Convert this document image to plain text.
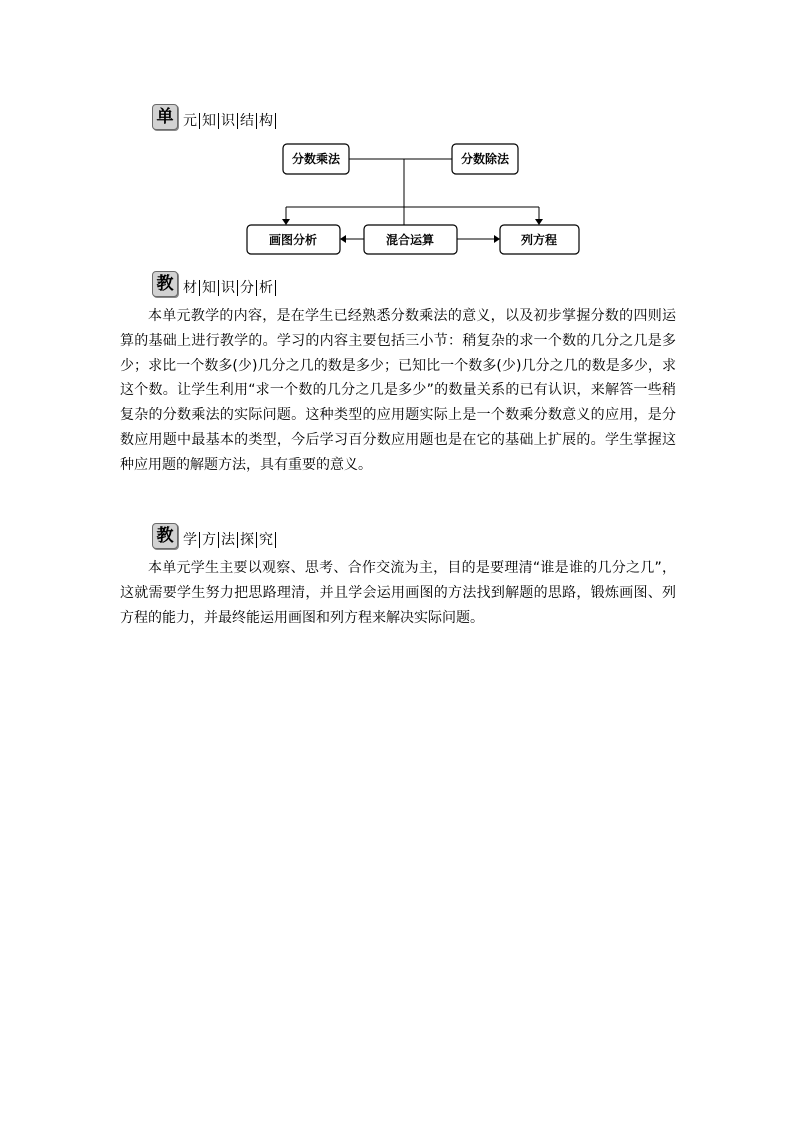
单 元 知 识 结 构
分数乘法	分数除法
画图分析	混合运算	列方程
教 材 知 识 分 析

本单元教学的内容，是在学生已经熟悉分数乘法的意义，以及初步掌握分数的四则运算的基础上进行教学的。学习的内容主要包括三小节：稍复杂的求一个数的几分之几是多少；求比一个数多(少)几分之几的数是多少；已知比一个数多(少)几分之几的数是多少，求这个数。让学生利用“求一个数的几分之几是多少”的数量关系的已有认识，来解答一些稍复杂的分数乘法的实际问题。这种类型的应用题实际上是一个数乘分数意义的应用，是分数应用题中最基本的类型，今后学习百分数应用题也是在它的基础上扩展的。学生掌握这种应用题的解题方法，具有重要的意义。

教 学 方 法 探 究

本单元学生主要以观察、思考、合作交流为主，目的是要理清“谁是谁的几分之几”，这就需要学生努力把思路理清，并且学会运用画图的方法找到解题的思路，锻炼画图、列方程的能力，并最终能运用画图和列方程来解决实际问题。
